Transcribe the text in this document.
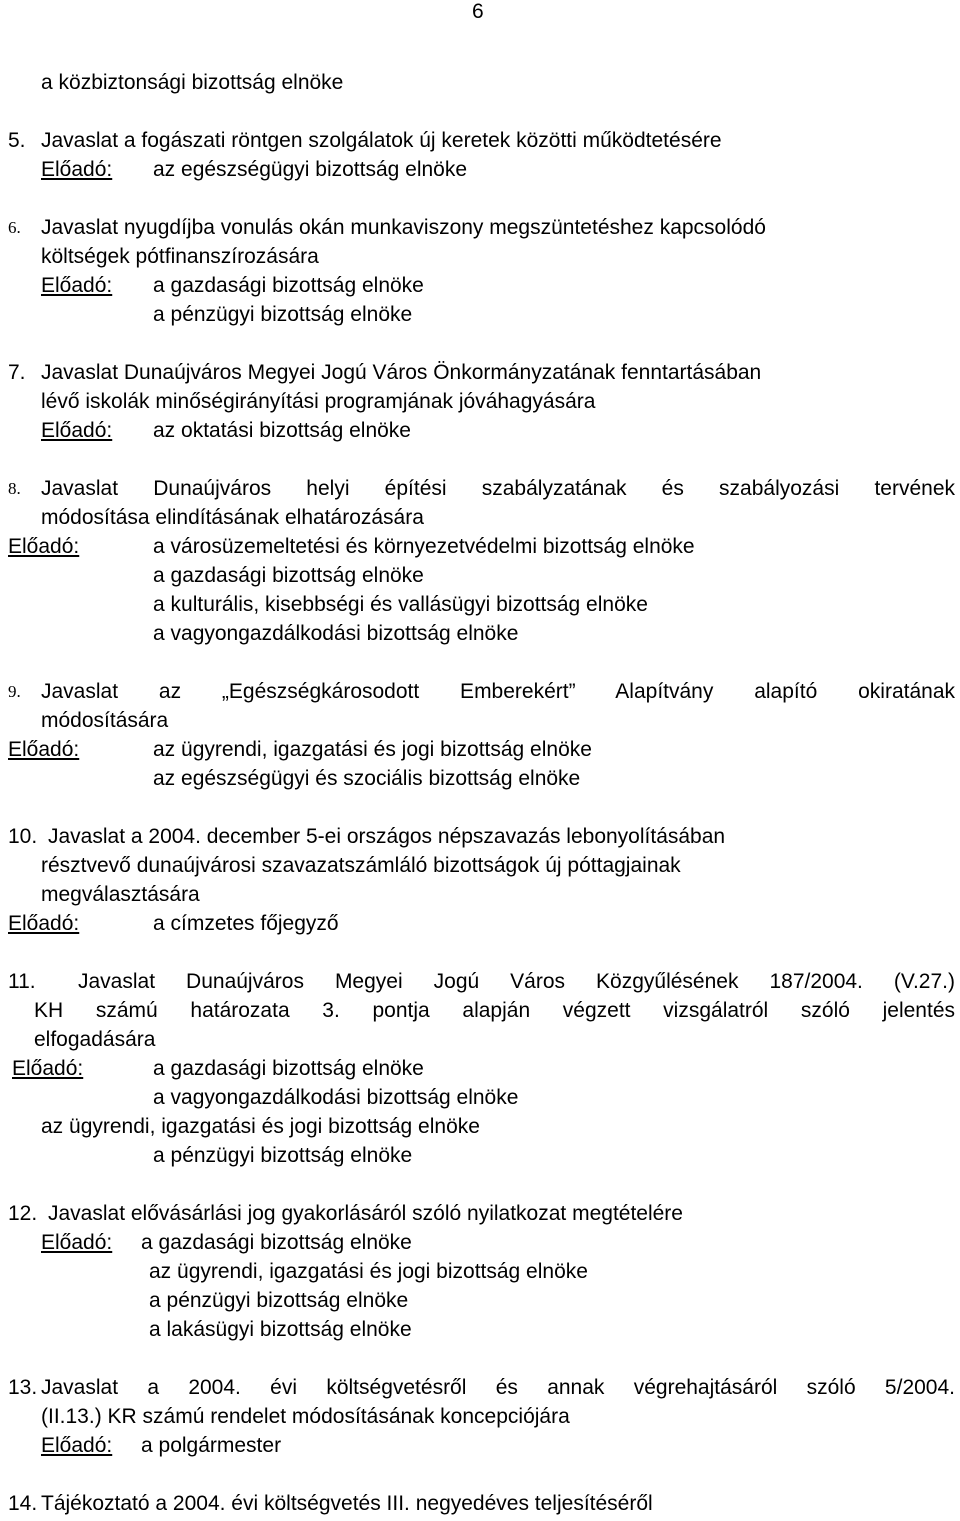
6
a közbiztonsági bizottság elnöke
5. Javaslat a fogászati röntgen szolgálatok új keretek közötti működtetésére
Előadó: az egészségügyi bizottság elnöke
6. Javaslat nyugdíjba vonulás okán munkaviszony megszüntetéshez kapcsolódó
költségek pótfinanszírozására
Előadó: a gazdasági bizottság elnöke
a pénzügyi bizottság elnöke
7. Javaslat Dunaújváros Megyei Jogú Város Önkormányzatának fenntartásában
lévő iskolák minőségirányítási programjának jóváhagyására
Előadó: az oktatási bizottság elnöke
8. Javaslat Dunaújváros helyi építési szabályzatának és szabályozási tervének
módosítása elindításának elhatározására
Előadó:	a városüzemeltetési és környezetvédelmi bizottság elnöke
a gazdasági bizottság elnöke
a kulturális, kisebbségi és vallásügyi bizottság elnöke
a vagyongazdálkodási bizottság elnöke
9. Javaslat az „Egészségkárosodott Emberekért” Alapítvány alapító okiratának
módosítására
Előadó:	az ügyrendi, igazgatási és jogi bizottság elnöke
az egészségügyi és szociális bizottság elnöke
10. Javaslat a 2004. december 5-ei országos népszavazás lebonyolításában
résztvevő dunaújvárosi szavazatszámláló bizottságok új póttagjainak
megválasztására
Előadó:	a címzetes főjegyző
11. Javaslat Dunaújváros Megyei Jogú Város Közgyűlésének 187/2004. (V.27.)
KH számú határozata 3. pontja alapján végzett vizsgálatról szóló jelentés
elfogadására
Előadó:	a gazdasági bizottság elnöke
a vagyongazdálkodási bizottság elnöke
az ügyrendi, igazgatási és jogi bizottság elnöke
a pénzügyi bizottság elnöke
12. Javaslat elővásárlási jog gyakorlásáról szóló nyilatkozat megtételére
Előadó: a gazdasági bizottság elnöke
az ügyrendi, igazgatási és jogi bizottság elnöke
a pénzügyi bizottság elnöke
a lakásügyi bizottság elnöke
13. Javaslat a 2004. évi költségvetésről és annak végrehajtásáról szóló 5/2004.
(II.13.) KR számú rendelet módosításának koncepciójára
Előadó: a polgármester
14. Tájékoztató a 2004. évi költségvetés III. negyedéves teljesítéséről
